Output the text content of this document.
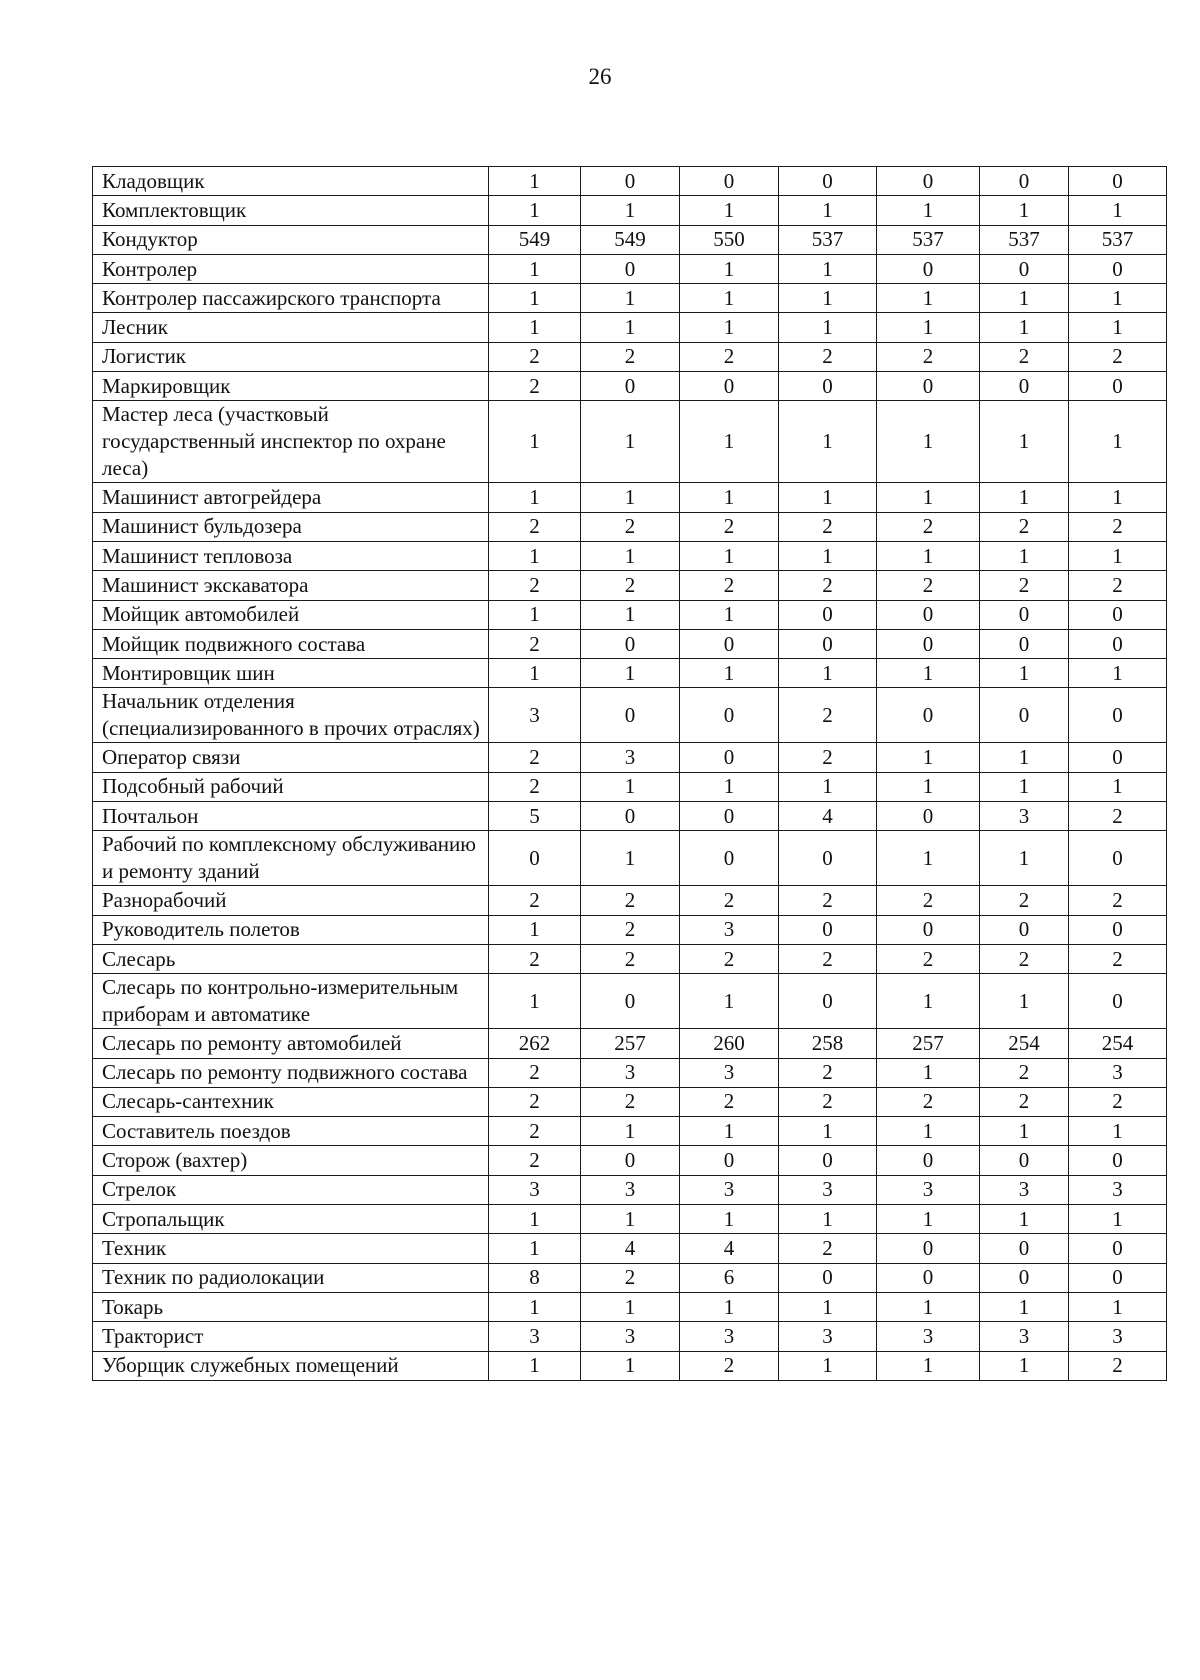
26
Кладовщик	1	0	0	0	0	0	0
Комплектовщик	1	1	1	1	1	1	1
Кондуктор	549	549	550	537	537	537	537
Контролер	1	0	1	1	0	0	0
Контролер пассажирского транспорта	1	1	1	1	1	1	1
Лесник	1	1	1	1	1	1	1
Логистик	2	2	2	2	2	2	2
Маркировщик	2	0	0	0	0	0	0
Мастер леса (участковый государственный инспектор по охране леса)	1	1	1	1	1	1	1
Машинист автогрейдера	1	1	1	1	1	1	1
Машинист бульдозера	2	2	2	2	2	2	2
Машинист тепловоза	1	1	1	1	1	1	1
Машинист экскаватора	2	2	2	2	2	2	2
Мойщик автомобилей	1	1	1	0	0	0	0
Мойщик подвижного состава	2	0	0	0	0	0	0
Монтировщик шин	1	1	1	1	1	1	1
Начальник отделения (специализированного в прочих отраслях)	3	0	0	2	0	0	0
Оператор связи	2	3	0	2	1	1	0
Подсобный рабочий	2	1	1	1	1	1	1
Почтальон	5	0	0	4	0	3	2
Рабочий по комплексному обслуживанию и ремонту зданий	0	1	0	0	1	1	0
Разнорабочий	2	2	2	2	2	2	2
Руководитель полетов	1	2	3	0	0	0	0
Слесарь	2	2	2	2	2	2	2
Слесарь по контрольно-измерительным приборам и автоматике	1	0	1	0	1	1	0
Слесарь по ремонту автомобилей	262	257	260	258	257	254	254
Слесарь по ремонту подвижного состава	2	3	3	2	1	2	3
Слесарь-сантехник	2	2	2	2	2	2	2
Составитель поездов	2	1	1	1	1	1	1
Сторож (вахтер)	2	0	0	0	0	0	0
Стрелок	3	3	3	3	3	3	3
Стропальщик	1	1	1	1	1	1	1
Техник	1	4	4	2	0	0	0
Техник по радиолокации	8	2	6	0	0	0	0
Токарь	1	1	1	1	1	1	1
Тракторист	3	3	3	3	3	3	3
Уборщик служебных помещений	1	1	2	1	1	1	2
